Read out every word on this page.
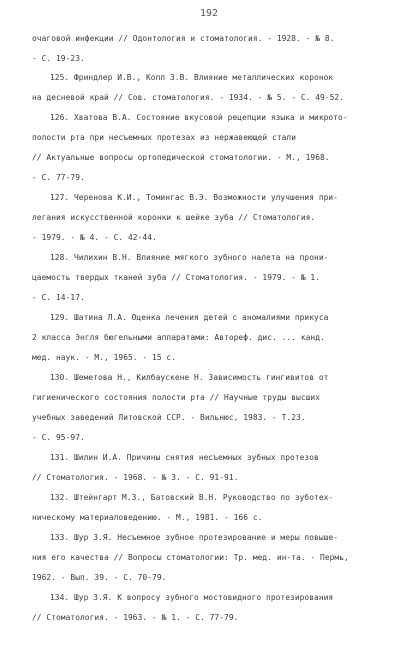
192
очаговой инфекции // Одонтология и стоматология. - 1928. - № 8.
- С. 19-23.
125. Фриндлер И.В., Копп З.В. Влияние металлических коронок
на десневой край // Сов. стоматология. - 1934. - № 5. - С. 49-52.
126. Хватова В.А. Состояние вкусовой рецепции языка и микрото-
полости рта при несъемных протезах из нержавеющей стали
// Актуальные вопросы ортопедической стоматологии. - М., 1968.
- С. 77-79.
127. Черенова К.И., Томингас В.Э. Возможности улучшения при-
легания искусственной коронки к шейке зуба // Стоматология.
- 1979. - № 4. - С. 42-44.
128. Чилихин В.Н. Влияние мягкого зубного налета на прони-
цаемость твердых тканей зуба // Стоматология. - 1979. - № 1.
- С. 14-17.
129. Шатина Л.А. Оценка лечения детей с аномалиями прикуса
2 класса Энгля бюгельными аппаратами: Автореф. дис. ... канд.
мед. наук. - М., 1965. - 15 с.
130. Шеметова Н., Килбаускене Н. Зависимость гингивитов от
гигиенического состояния полости рта // Научные труды высших
учебных заведений Литовской ССР. - Вильнюс, 1983. - Т.23.
- С. 95-97.
131. Шилин И.А. Причины снятия несъемных зубных протезов
// Стоматология. - 1968. - № 3. - С. 91-91.
132. Штейнгарт М.З., Батовский В.Н. Руководство по зуботех-
ническому материаловедению. - М., 1981. - 166 с.
133. Шур З.Я. Несъемное зубное протезирование и меры повыше-
ния его качества // Вопросы стоматологии: Тр. мед. ин-та. - Пермь,
1962. - Вып. 39. - С. 70-79.
134. Шур З.Я. К вопросу зубного мостовидного протезирования
// Стоматология. - 1963. - № 1. - С. 77-79.
